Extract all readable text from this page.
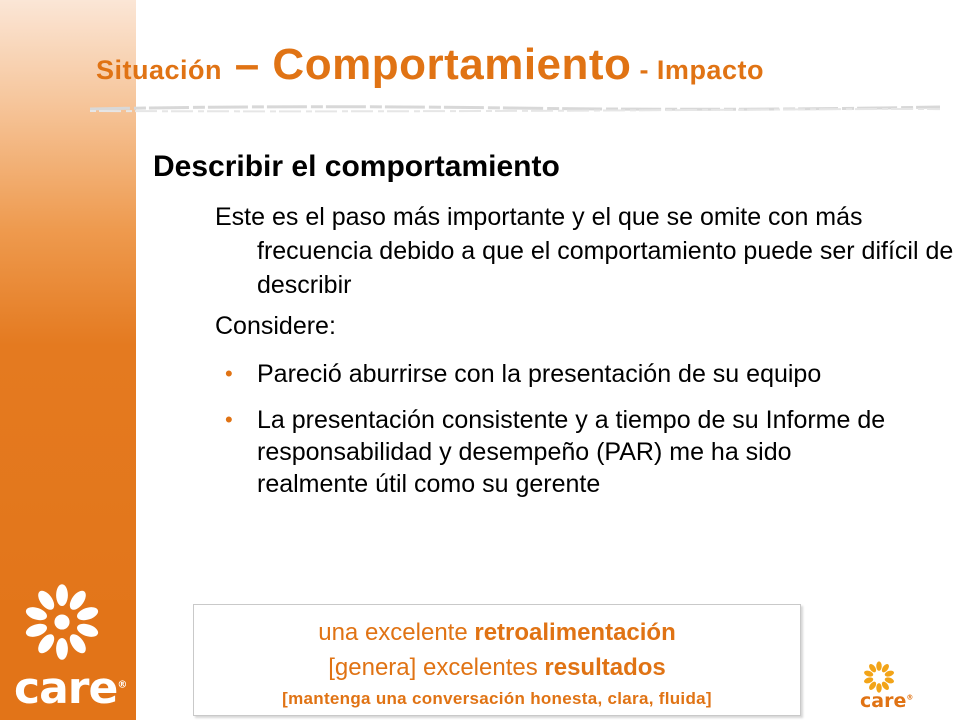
Situación – Comportamiento - Impacto
Describir el comportamiento
Este es el paso más importante y el que se omite con más frecuencia debido a que el comportamiento puede ser difícil de describir
Considere:
• Pareció aburrirse con la presentación de su equipo
• La presentación consistente y a tiempo de su Informe de responsabilidad y desempeño (PAR) me ha sido realmente útil como su gerente
care®
una excelente retroalimentación
[genera] excelentes resultados
[mantenga una conversación honesta, clara, fluida]	care®
